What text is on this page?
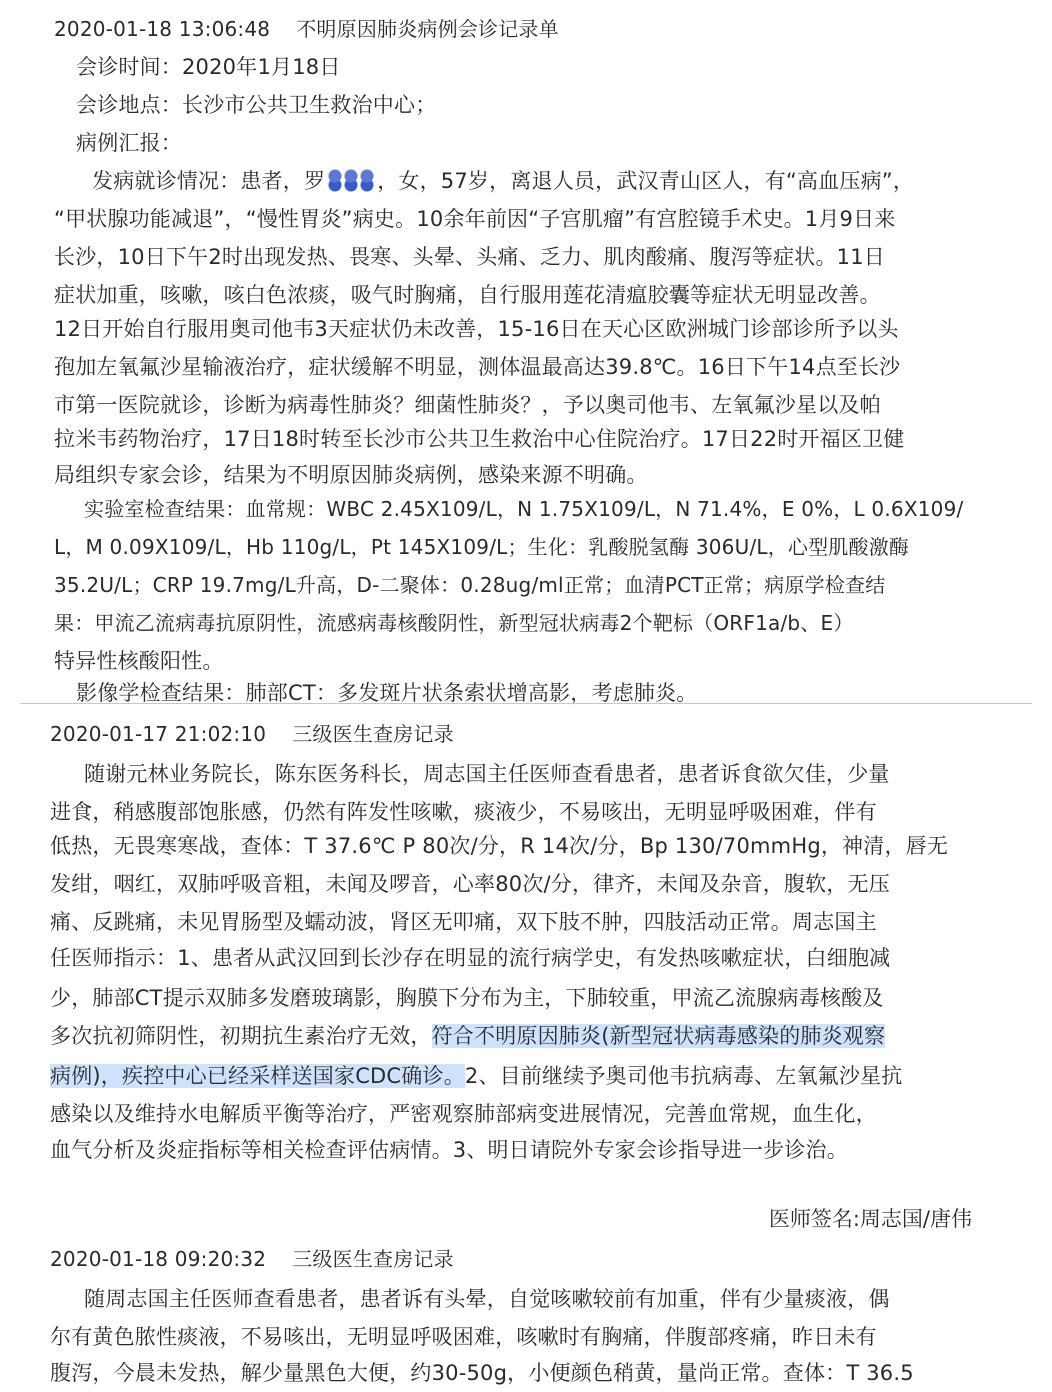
2020-01-18 13:06:48 不明原因肺炎病例会诊记录单
会诊时间：2020年1月18日
会诊地点：长沙市公共卫生救治中心；
病例汇报：
发病就诊情况：患者，罗 ，女，57岁，离退人员，武汉青山区人，有“高血压病”，
“甲状腺功能减退”，“慢性胃炎”病史。10余年前因“子宫肌瘤”有宫腔镜手术史。1月9日来
长沙，10日下午2时出现发热、畏寒、头晕、头痛、乏力、肌肉酸痛、腹泻等症状。11日
症状加重，咳嗽，咳白色浓痰，吸气时胸痛，自行服用莲花清瘟胶囊等症状无明显改善。
12日开始自行服用奥司他韦3天症状仍未改善，15-16日在天心区欧洲城门诊部诊所予以头
孢加左氧氟沙星输液治疗，症状缓解不明显，测体温最高达39.8℃。16日下午14点至长沙
市第一医院就诊，诊断为病毒性肺炎？细菌性肺炎？，予以奥司他韦、左氧氟沙星以及帕
拉米韦药物治疗，17日18时转至长沙市公共卫生救治中心住院治疗。17日22时开福区卫健
局组织专家会诊，结果为不明原因肺炎病例，感染来源不明确。
实验室检查结果：血常规：WBC 2.45X109/L，N 1.75X109/L，N 71.4%，E 0%，L 0.6X109/
L，M 0.09X109/L，Hb 110g/L，Pt 145X109/L；生化：乳酸脱氢酶 306U/L，心型肌酸激酶
35.2U/L；CRP 19.7mg/L升高，D-二聚体：0.28ug/ml正常；血清PCT正常；病原学检查结
果：甲流乙流病毒抗原阴性，流感病毒核酸阴性，新型冠状病毒2个靶标（ORF1a/b、E）
特异性核酸阳性。
影像学检查结果：肺部CT：多发斑片状条索状增高影，考虑肺炎。
2020-01-17 21:02:10 三级医生查房记录
随谢元林业务院长，陈东医务科长，周志国主任医师查看患者，患者诉食欲欠佳，少量
进食，稍感腹部饱胀感，仍然有阵发性咳嗽，痰液少，不易咳出，无明显呼吸困难，伴有
低热，无畏寒寒战，查体：T 37.6℃ P 80次/分，R 14次/分，Bp 130/70mmHg，神清，唇无
发绀，咽红，双肺呼吸音粗，未闻及啰音，心率80次/分，律齐，未闻及杂音，腹软，无压
痛、反跳痛，未见胃肠型及蠕动波，肾区无叩痛，双下肢不肿，四肢活动正常。周志国主
任医师指示：1、患者从武汉回到长沙存在明显的流行病学史，有发热咳嗽症状，白细胞减
少，肺部CT提示双肺多发磨玻璃影，胸膜下分布为主，下肺较重，甲流乙流腺病毒核酸及
多次抗初筛阴性，初期抗生素治疗无效，符合不明原因肺炎(新型冠状病毒感染的肺炎观察
病例)，疾控中心已经采样送国家CDC确诊。2、目前继续予奥司他韦抗病毒、左氧氟沙星抗
感染以及维持水电解质平衡等治疗，严密观察肺部病变进展情况，完善血常规，血生化，
血气分析及炎症指标等相关检查评估病情。3、明日请院外专家会诊指导进一步诊治。
医师签名:周志国/唐伟
2020-01-18 09:20:32 三级医生查房记录
随周志国主任医师查看患者，患者诉有头晕，自觉咳嗽较前有加重，伴有少量痰液，偶
尔有黄色脓性痰液，不易咳出，无明显呼吸困难，咳嗽时有胸痛，伴腹部疼痛，昨日未有
腹泻，今晨未发热，解少量黑色大便，约30-50g，小便颜色稍黄，量尚正常。查体：T 36.5
